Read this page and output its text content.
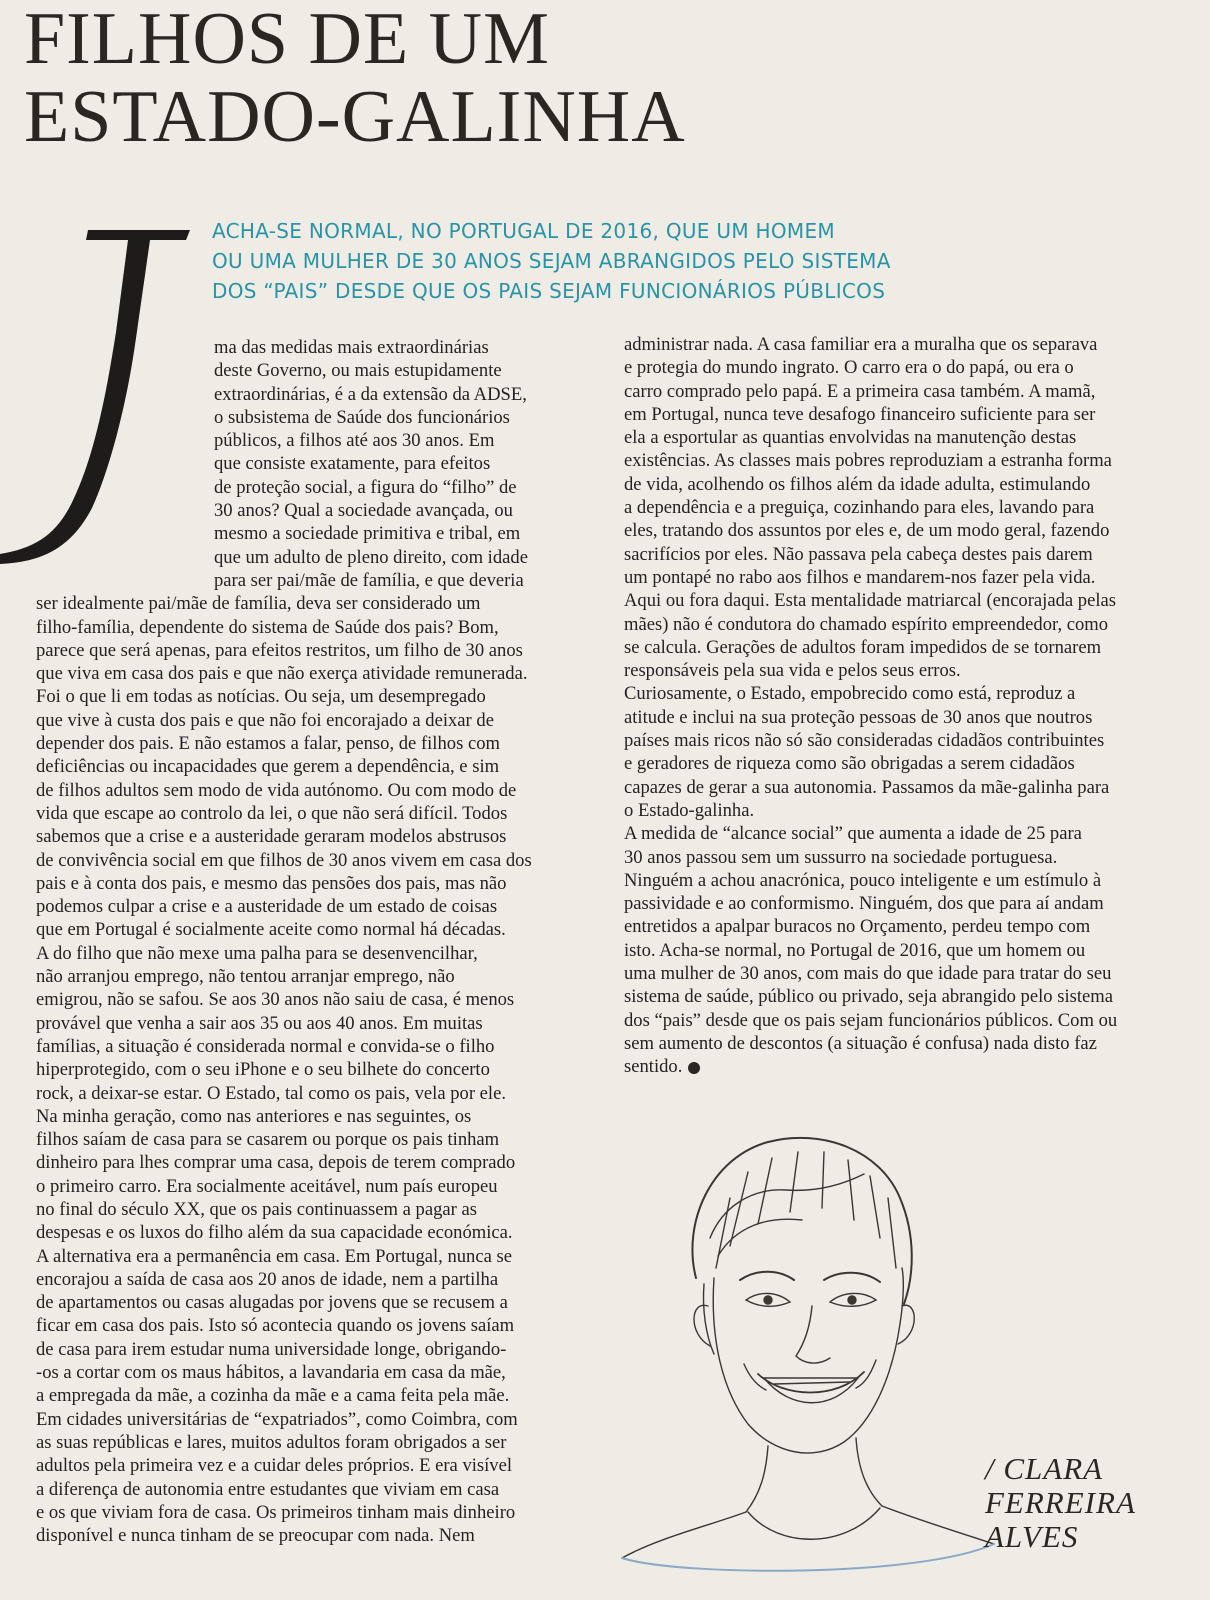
FILHOS DE UM
ESTADO-GALINHA

ACHA-SE NORMAL, NO PORTUGAL DE 2016, QUE UM HOMEM
OU UMA MULHER DE 30 ANOS SEJAM ABRANGIDOS PELO SISTEMA
DOS “PAIS” DESDE QUE OS PAIS SEJAM FUNCIONÁRIOS PÚBLICOS

ma das medidas mais extraordinárias
deste Governo, ou mais estupidamente
extraordinárias, é a da extensão da ADSE,
o subsistema de Saúde dos funcionários
públicos, a filhos até aos 30 anos. Em
que consiste exatamente, para efeitos
de proteção social, a figura do “filho” de
30 anos? Qual a sociedade avançada, ou
mesmo a sociedade primitiva e tribal, em
que um adulto de pleno direito, com idade
para ser pai/mãe de família, e que deveria
ser idealmente pai/mãe de família, deva ser considerado um
filho-família, dependente do sistema de Saúde dos pais? Bom,
parece que será apenas, para efeitos restritos, um filho de 30 anos
que viva em casa dos pais e que não exerça atividade remunerada.
Foi o que li em todas as notícias. Ou seja, um desempregado
que vive à custa dos pais e que não foi encorajado a deixar de
depender dos pais. E não estamos a falar, penso, de filhos com
deficiências ou incapacidades que gerem a dependência, e sim
de filhos adultos sem modo de vida autónomo. Ou com modo de
vida que escape ao controlo da lei, o que não será difícil. Todos
sabemos que a crise e a austeridade geraram modelos abstrusos
de convivência social em que filhos de 30 anos vivem em casa dos
pais e à conta dos pais, e mesmo das pensões dos pais, mas não
podemos culpar a crise e a austeridade de um estado de coisas
que em Portugal é socialmente aceite como normal há décadas.
A do filho que não mexe uma palha para se desenvencilhar,
não arranjou emprego, não tentou arranjar emprego, não
emigrou, não se safou. Se aos 30 anos não saiu de casa, é menos
provável que venha a sair aos 35 ou aos 40 anos. Em muitas
famílias, a situação é considerada normal e convida-se o filho
hiperprotegido, com o seu iPhone e o seu bilhete do concerto
rock, a deixar-se estar. O Estado, tal como os pais, vela por ele.
Na minha geração, como nas anteriores e nas seguintes, os
filhos saíam de casa para se casarem ou porque os pais tinham
dinheiro para lhes comprar uma casa, depois de terem comprado
o primeiro carro. Era socialmente aceitável, num país europeu
no final do século XX, que os pais continuassem a pagar as
despesas e os luxos do filho além da sua capacidade económica.
A alternativa era a permanência em casa. Em Portugal, nunca se
encorajou a saída de casa aos 20 anos de idade, nem a partilha
de apartamentos ou casas alugadas por jovens que se recusem a
ficar em casa dos pais. Isto só acontecia quando os jovens saíam
de casa para irem estudar numa universidade longe, obrigando-
-os a cortar com os maus hábitos, a lavandaria em casa da mãe,
a empregada da mãe, a cozinha da mãe e a cama feita pela mãe.
Em cidades universitárias de “expatriados”, como Coimbra, com
as suas repúblicas e lares, muitos adultos foram obrigados a ser
adultos pela primeira vez e a cuidar deles próprios. E era visível
a diferença de autonomia entre estudantes que viviam em casa
e os que viviam fora de casa. Os primeiros tinham mais dinheiro
disponível e nunca tinham de se preocupar com nada. Nem
administrar nada. A casa familiar era a muralha que os separava
e protegia do mundo ingrato. O carro era o do papá, ou era o
carro comprado pelo papá. E a primeira casa também. A mamã,
em Portugal, nunca teve desafogo financeiro suficiente para ser
ela a esportular as quantias envolvidas na manutenção destas
existências. As classes mais pobres reproduziam a estranha forma
de vida, acolhendo os filhos além da idade adulta, estimulando
a dependência e a preguiça, cozinhando para eles, lavando para
eles, tratando dos assuntos por eles e, de um modo geral, fazendo
sacrifícios por eles. Não passava pela cabeça destes pais darem
um pontapé no rabo aos filhos e mandarem-nos fazer pela vida.
Aqui ou fora daqui. Esta mentalidade matriarcal (encorajada pelas
mães) não é condutora do chamado espírito empreendedor, como
se calcula. Gerações de adultos foram impedidos de se tornarem
responsáveis pela sua vida e pelos seus erros.
Curiosamente, o Estado, empobrecido como está, reproduz a
atitude e inclui na sua proteção pessoas de 30 anos que noutros
países mais ricos não só são consideradas cidadãos contribuintes
e geradores de riqueza como são obrigadas a serem cidadãos
capazes de gerar a sua autonomia. Passamos da mãe-galinha para
o Estado-galinha.
A medida de “alcance social” que aumenta a idade de 25 para
30 anos passou sem um sussurro na sociedade portuguesa.
Ninguém a achou anacrónica, pouco inteligente e um estímulo à
passividade e ao conformismo. Ninguém, dos que para aí andam
entretidos a apalpar buracos no Orçamento, perdeu tempo com
isto. Acha-se normal, no Portugal de 2016, que um homem ou
uma mulher de 30 anos, com mais do que idade para tratar do seu
sistema de saúde, público ou privado, seja abrangido pelo sistema
dos “pais” desde que os pais sejam funcionários públicos. Com ou
sem aumento de descontos (a situação é confusa) nada disto faz
sentido.
/ CLARA
FERREIRA
ALVES
